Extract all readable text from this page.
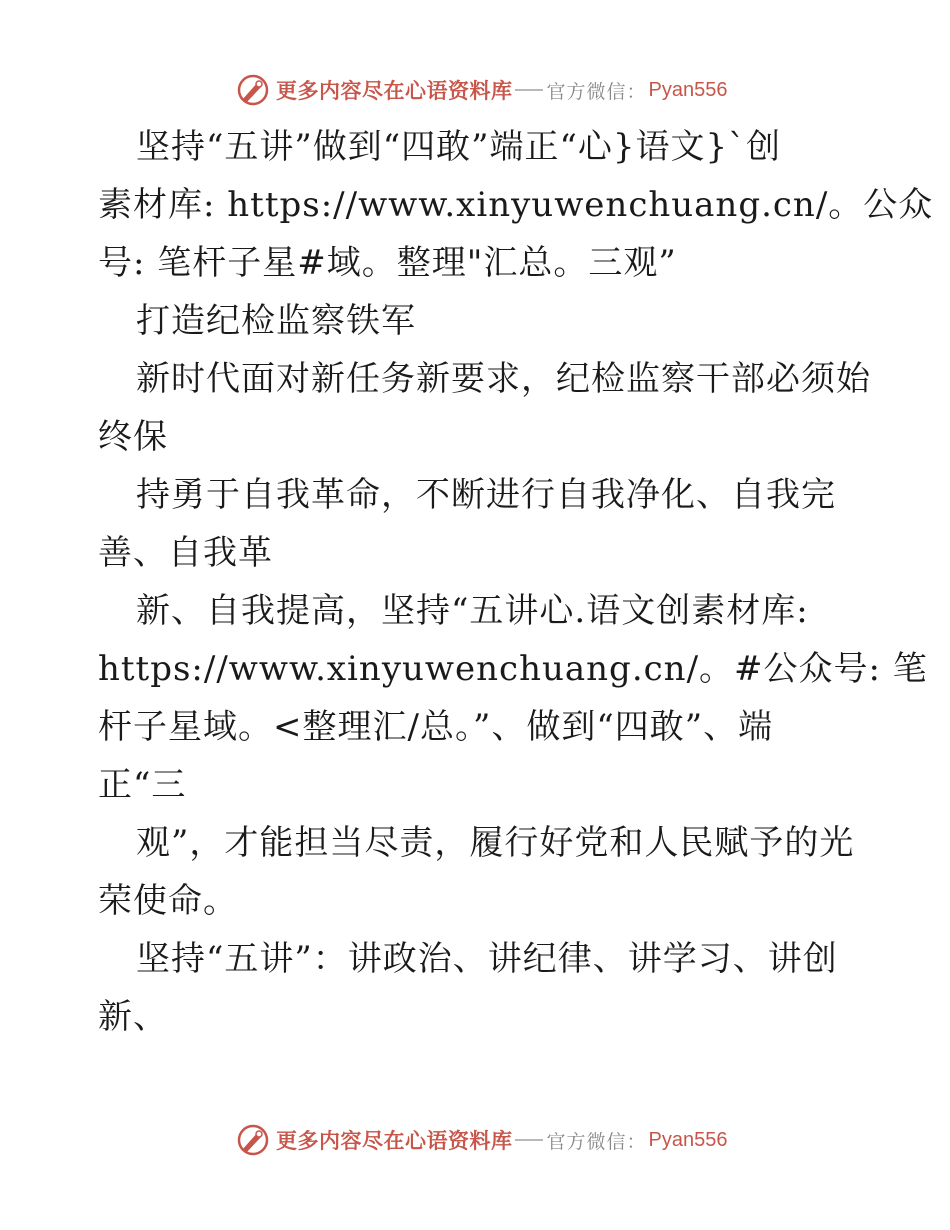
更多内容尽在心语资料库 官方微信： Pyan556
坚持“五讲”做到“四敢”端正“心}语文}`创
素材库: https://www.xinyuwenchuang.cn/。公众
号: 笔杆子星#域。整理"汇总。三观”
打造纪检监察铁军
新时代面对新任务新要求，纪检监察干部必须始
终保
持勇于自我革命，不断进行自我净化、自我完
善、自我革
新、自我提高，坚持“五讲心.语文创素材库:
https://www.xinyuwenchuang.cn/。#公众号: 笔
杆子星域。<整理汇/总。”、做到“四敢”、端
正“三
观”，才能担当尽责，履行好党和人民赋予的光
荣使命。
坚持“五讲”：讲政治、讲纪律、讲学习、讲创
新、
更多内容尽在心语资料库 官方微信： Pyan556
